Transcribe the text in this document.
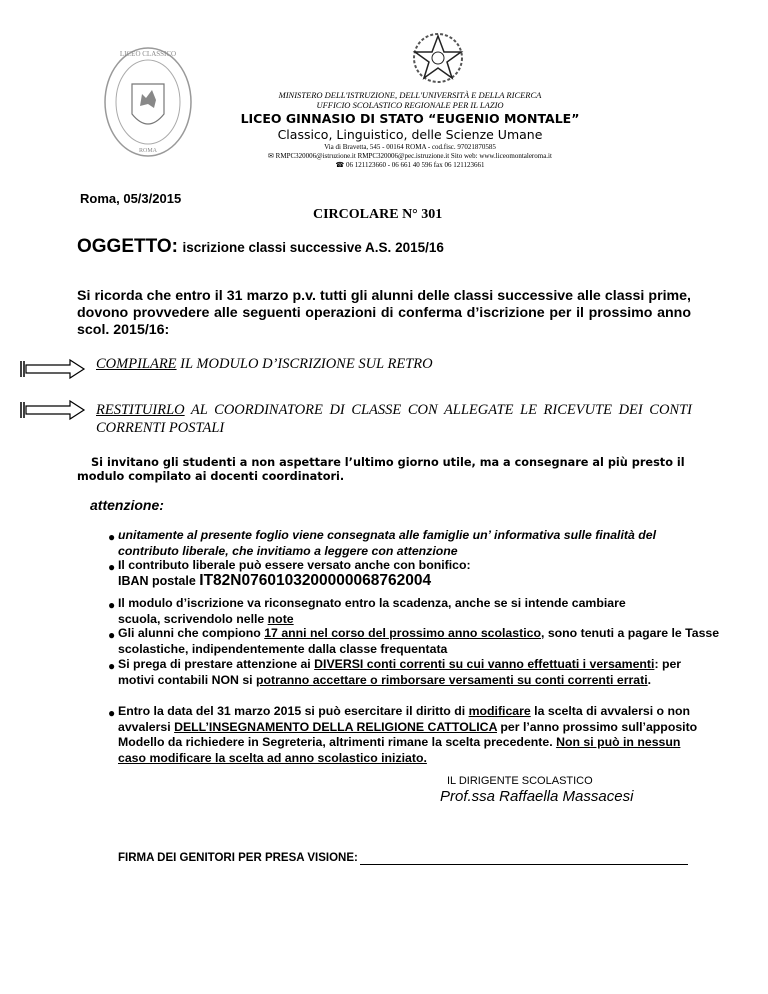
LICEO CLASSICO
ROMA
MINISTERO DELL'ISTRUZIONE, DELL'UNIVERSITÀ E DELLA RICERCA
UFFICIO SCOLASTICO REGIONALE PER IL LAZIO
LICEO GINNASIO DI STATO “EUGENIO MONTALE”
Classico, Linguistico, delle Scienze Umane
Via di Bravetta, 545 - 00164 ROMA - cod.fisc. 97021870585
✉ RMPC320006@istruzione.it RMPC320006@pec.istruzione.it Sito web: www.liceomontaleroma.it
☎ 06 121123660 - 06 661 40 596 fax 06 121123661
Roma, 05/3/2015
CIRCOLARE N° 301
OGGETTO: iscrizione classi successive A.S. 2015/16
Si ricorda che entro il 31 marzo p.v. tutti gli alunni delle classi successive alle classi prime, dovono provvedere alle seguenti operazioni di conferma d’iscrizione per il prossimo anno scol. 2015/16:
COMPILARE IL MODULO D’ISCRIZIONE SUL RETRO
RESTITUIRLO AL COORDINATORE DI CLASSE CON ALLEGATE LE RICEVUTE DEI CONTI CORRENTI POSTALI
Si invitano gli studenti a non aspettare l’ultimo giorno utile, ma a consegnare al più presto il modulo compilato ai docenti coordinatori.
attenzione:
● unitamente al presente foglio viene consegnata alle famiglie un’ informativa sulle finalità del contributo liberale, che invitiamo a leggere con attenzione
● Il contributo liberale può essere versato anche con bonifico:
IBAN postale IT82N0760103200000068762004
● Il modulo d’iscrizione va riconsegnato entro la scadenza, anche se si intende cambiare scuola, scrivendolo nelle note
● Gli alunni che compiono 17 anni nel corso del prossimo anno scolastico, sono tenuti a pagare le Tasse scolastiche, indipendentemente dalla classe frequentata
● Si prega di prestare attenzione ai DIVERSI conti correnti su cui vanno effettuati i versamenti: per motivi contabili NON si potranno accettare o rimborsare versamenti su conti correnti errati.
● Entro la data del 31 marzo 2015 si può esercitare il diritto di modificare la scelta di avvalersi o non avvalersi DELL’INSEGNAMENTO DELLA RELIGIONE CATTOLICA per l’anno prossimo sull’apposito Modello da richiedere in Segreteria, altrimenti rimane la scelta precedente. Non si può in nessun caso modificare la scelta ad anno scolastico iniziato.
IL DIRIGENTE SCOLASTICO
Prof.ssa Raffaella Massacesi
FIRMA DEI GENITORI PER PRESA VISIONE:
